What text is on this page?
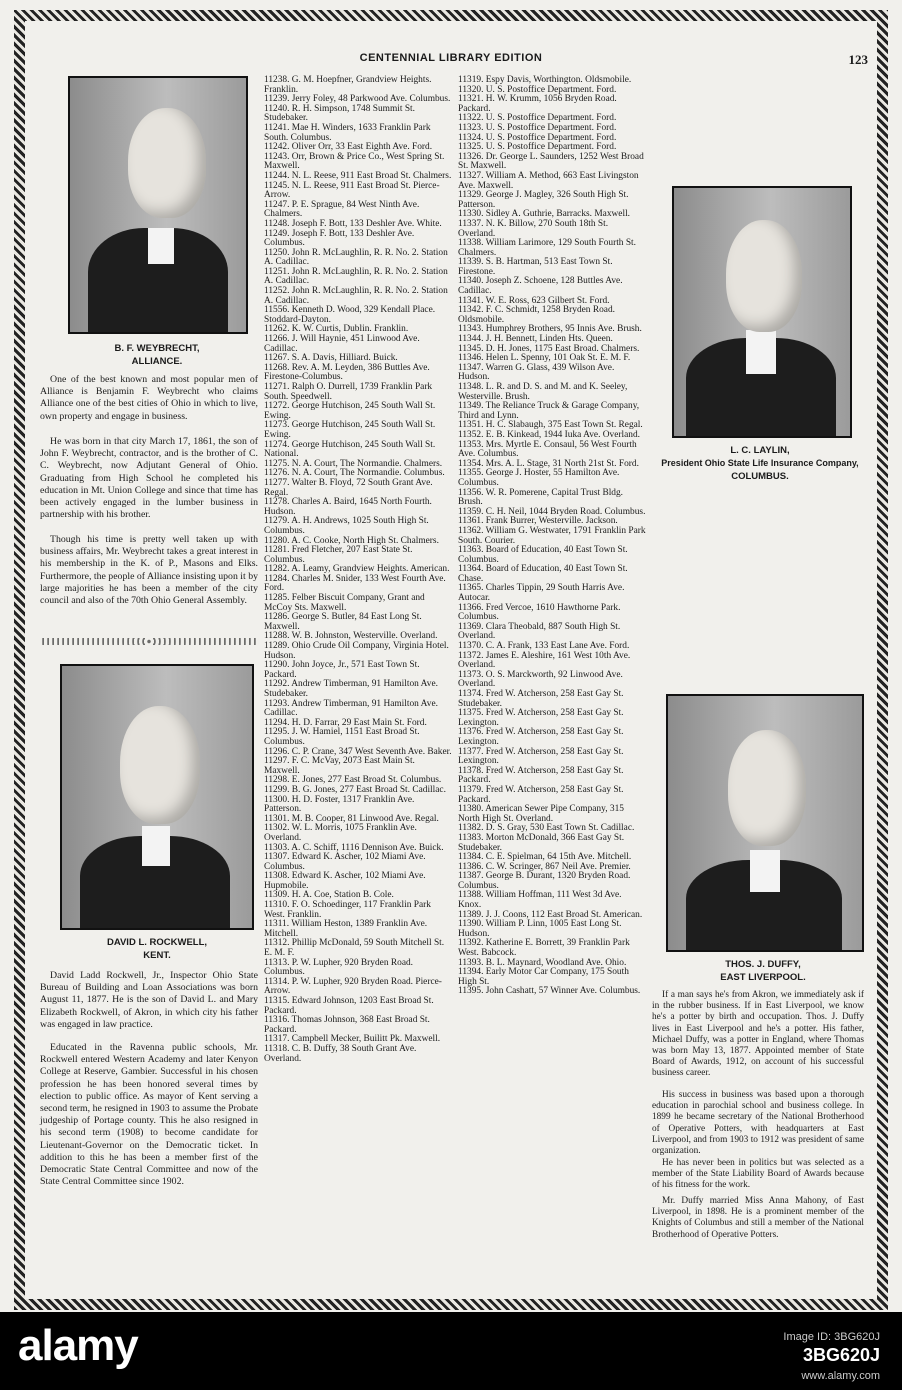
CENTENNIAL LIBRARY EDITION	123
B. F. WEYBRECHT,
ALLIANCE.

One of the best known and most popular men of Alliance is Benjamin F. Weybrecht who claims Alliance one of the best cities of Ohio in which to live, own property and engage in business.

He was born in that city March 17, 1861, the son of John F. Weybrecht, contractor, and is the brother of C. C. Weybrecht, now Adjutant General of Ohio. Graduating from High School he completed his education in Mt. Union College and since that time has been actively engaged in the lumber business in partnership with his brother.

Though his time is pretty well taken up with business affairs, Mr. Weybrecht takes a great interest in his membership in the K. of P., Masons and Elks. Furthermore, the people of Alliance insisting upon it by large majorities he has been a member of the city council and also of the 70th Ohio General Assembly.

DAVID L. ROCKWELL,
KENT.

David Ladd Rockwell, Jr., Inspector Ohio State Bureau of Building and Loan Associations was born August 11, 1877. He is the son of David L. and Mary Elizabeth Rockwell, of Akron, in which city his father was engaged in law practice.

Educated in the Ravenna public schools, Mr. Rockwell entered Western Academy and later Kenyon College at Reserve, Gambier. Successful in his chosen profession he has been honored several times by election to public office. As mayor of Kent serving a second term, he resigned in 1903 to assume the Probate judgeship of Portage county. This he also resigned in his second term (1908) to become candidate for Lieutenant-Governor on the Democratic ticket. In addition to this he has been a member first of the Democratic State Central Committee and now of the State Central Committee since 1902.

11238. G. M. Hoepfner, Grandview Heights. Franklin.
11239. Jerry Foley, 48 Parkwood Ave. Columbus.
11240. R. H. Simpson, 1748 Summit St. Studebaker.
11241. Mae H. Winders, 1633 Franklin Park South. Columbus.
11242. Oliver Orr, 33 East Eighth Ave. Ford.
11243. Orr, Brown & Price Co., West Spring St. Maxwell.
11244. N. L. Reese, 911 East Broad St. Chalmers.
11245. N. L. Reese, 911 East Broad St. Pierce-Arrow.
11247. P. E. Sprague, 84 West Ninth Ave. Chalmers.
11248. Joseph F. Bott, 133 Deshler Ave. White.
11249. Joseph F. Bott, 133 Deshler Ave. Columbus.
11250. John R. McLaughlin, R. R. No. 2. Station A. Cadillac.
11251. John R. McLaughlin, R. R. No. 2. Station A. Cadillac.
11252. John R. McLaughlin, R. R. No. 2. Station A. Cadillac.
11556. Kenneth D. Wood, 329 Kendall Place. Stoddard-Dayton.
11262. K. W. Curtis, Dublin. Franklin.
11266. J. Will Haynie, 451 Linwood Ave. Cadillac.
11267. S. A. Davis, Hilliard. Buick.
11268. Rev. A. M. Leyden, 386 Buttles Ave. Firestone-Columbus.
11271. Ralph O. Durrell, 1739 Franklin Park South. Speedwell.
11272. George Hutchison, 245 South Wall St. Ewing.
11273. George Hutchison, 245 South Wall St. Ewing.
11274. George Hutchison, 245 South Wall St. National.
11275. N. A. Court, The Normandie. Chalmers.
11276. N. A. Court, The Normandie. Columbus.
11277. Walter B. Floyd, 72 South Grant Ave. Regal.
11278. Charles A. Baird, 1645 North Fourth. Hudson.
11279. A. H. Andrews, 1025 South High St. Columbus.
11280. A. C. Cooke, North High St. Chalmers.
11281. Fred Fletcher, 207 East State St. Columbus.
11282. A. Leamy, Grandview Heights. American.
11284. Charles M. Snider, 133 West Fourth Ave. Ford.
11285. Felber Biscuit Company, Grant and McCoy Sts. Maxwell.
11286. George S. Butler, 84 East Long St. Maxwell.
11288. W. B. Johnston, Westerville. Overland.
11289. Ohio Crude Oil Company, Virginia Hotel. Hudson.
11290. John Joyce, Jr., 571 East Town St. Packard.
11292. Andrew Timberman, 91 Hamilton Ave. Studebaker.
11293. Andrew Timberman, 91 Hamilton Ave. Cadillac.
11294. H. D. Farrar, 29 East Main St. Ford.
11295. J. W. Hamiel, 1151 East Broad St. Columbus.
11296. C. P. Crane, 347 West Seventh Ave. Baker.
11297. F. C. McVay, 2073 East Main St. Maxwell.
11298. E. Jones, 277 East Broad St. Columbus.
11299. B. G. Jones, 277 East Broad St. Cadillac.
11300. H. D. Foster, 1317 Franklin Ave. Patterson.
11301. M. B. Cooper, 81 Linwood Ave. Regal.
11302. W. L. Morris, 1075 Franklin Ave. Overland.
11303. A. C. Schiff, 1116 Dennison Ave. Buick.
11307. Edward K. Ascher, 102 Miami Ave. Columbus.
11308. Edward K. Ascher, 102 Miami Ave. Hupmobile.
11309. H. A. Coe, Station B. Cole.
11310. F. O. Schoedinger, 117 Franklin Park West. Franklin.
11311. William Heston, 1389 Franklin Ave. Mitchell.
11312. Phillip McDonald, 59 South Mitchell St. E. M. F.
11313. P. W. Lupher, 920 Bryden Road. Columbus.
11314. P. W. Lupher, 920 Bryden Road. Pierce-Arrow.
11315. Edward Johnson, 1203 East Broad St. Packard.
11316. Thomas Johnson, 368 East Broad St. Packard.
11317. Campbell Mecker, Builitt Pk. Maxwell.
11318. C. B. Duffy, 38 South Grant Ave. Overland.
11319. Espy Davis, Worthington. Oldsmobile.
11320. U. S. Postoffice Department. Ford.
11321. H. W. Krumm, 1056 Bryden Road. Packard.
11322. U. S. Postoffice Department. Ford.
11323. U. S. Postoffice Department. Ford.
11324. U. S. Postoffice Department. Ford.
11325. U. S. Postoffice Department. Ford.
11326. Dr. George L. Saunders, 1252 West Broad St. Maxwell.
11327. William A. Method, 663 East Livingston Ave. Maxwell.
11329. George J. Magley, 326 South High St. Patterson.
11330. Sidley A. Guthrie, Barracks. Maxwell.
11337. N. K. Billow, 270 South 18th St. Overland.
11338. William Larimore, 129 South Fourth St. Chalmers.
11339. S. B. Hartman, 513 East Town St. Firestone.
11340. Joseph Z. Schoene, 128 Buttles Ave. Cadillac.
11341. W. E. Ross, 623 Gilbert St. Ford.
11342. F. C. Schmidt, 1258 Bryden Road. Oldsmobile.
11343. Humphrey Brothers, 95 Innis Ave. Brush.
11344. J. H. Bennett, Linden Hts. Queen.
11345. D. H. Jones, 1175 East Broad. Chalmers.
11346. Helen L. Spenny, 101 Oak St. E. M. F.
11347. Warren G. Glass, 439 Wilson Ave. Hudson.
11348. L. R. and D. S. and M. and K. Seeley, Westerville. Brush.
11349. The Reliance Truck & Garage Company, Third and Lynn.
11351. H. C. Slabaugh, 375 East Town St. Regal.
11352. E. B. Kinkead, 1944 Iuka Ave. Overland.
11353. Mrs. Myrtle E. Consaul, 56 West Fourth Ave. Columbus.
11354. Mrs. A. L. Stage, 31 North 21st St. Ford.
11355. George J. Hoster, 55 Hamilton Ave. Columbus.
11356. W. R. Pomerene, Capital Trust Bldg. Brush.
11359. C. H. Neil, 1044 Bryden Road. Columbus.
11361. Frank Burrer, Westerville. Jackson.
11362. William G. Westwater, 1791 Franklin Park South. Courier.
11363. Board of Education, 40 East Town St. Columbus.
11364. Board of Education, 40 East Town St. Chase.
11365. Charles Tippin, 29 South Harris Ave. Autocar.
11366. Fred Vercoe, 1610 Hawthorne Park. Columbus.
11369. Clara Theobald, 887 South High St. Overland.
11370. C. A. Frank, 133 East Lane Ave. Ford.
11372. James E. Aleshire, 161 West 10th Ave. Overland.
11373. O. S. Marckworth, 92 Linwood Ave. Overland.
11374. Fred W. Atcherson, 258 East Gay St. Studebaker.
11375. Fred W. Atcherson, 258 East Gay St. Lexington.
11376. Fred W. Atcherson, 258 East Gay St. Lexington.
11377. Fred W. Atcherson, 258 East Gay St. Lexington.
11378. Fred W. Atcherson, 258 East Gay St. Packard.
11379. Fred W. Atcherson, 258 East Gay St. Packard.
11380. American Sewer Pipe Company, 315 North High St. Overland.
11382. D. S. Gray, 530 East Town St. Cadillac.
11383. Morton McDonald, 366 East Gay St. Studebaker.
11384. C. E. Spielman, 64 15th Ave. Mitchell.
11386. C. W. Scringer, 867 Neil Ave. Premier.
11387. George B. Durant, 1320 Bryden Road. Columbus.
11388. William Hoffman, 111 West 3d Ave. Knox.
11389. J. J. Coons, 112 East Broad St. American.
11390. William P. Linn, 1005 East Long St. Hudson.
11392. Katherine E. Borrett, 39 Franklin Park West. Babcock.
11393. B. L. Maynard, Woodland Ave. Ohio.
11394. Early Motor Car Company, 175 South High St.
11395. John Cashatt, 57 Winner Ave. Columbus.
L. C. LAYLIN,
President Ohio State Life Insurance Company,
COLUMBUS.
THOS. J. DUFFY,
EAST LIVERPOOL.

If a man says he's from Akron, we immediately ask if in the rubber business. If in East Liverpool, we know he's a potter by birth and occupation. Thos. J. Duffy lives in East Liverpool and he's a potter. His father, Michael Duffy, was a potter in England, where Thomas was born May 13, 1877. Appointed member of State Board of Awards, 1912, on account of his successful business career.

His success in business was based upon a thorough education in parochial school and business college. In 1899 he became secretary of the National Brotherhood of Operative Potters, with headquarters at East Liverpool, and from 1903 to 1912 was president of same organization.

He has never been in politics but was selected as a member of the State Liability Board of Awards because of his fitness for the work.

Mr. Duffy married Miss Anna Mahony, of East Liverpool, in 1898. He is a prominent member of the Knights of Columbus and still a member of the National Brotherhood of Operative Potters.

alamy	Image ID: 3BG620J
3BG620J
www.alamy.com
